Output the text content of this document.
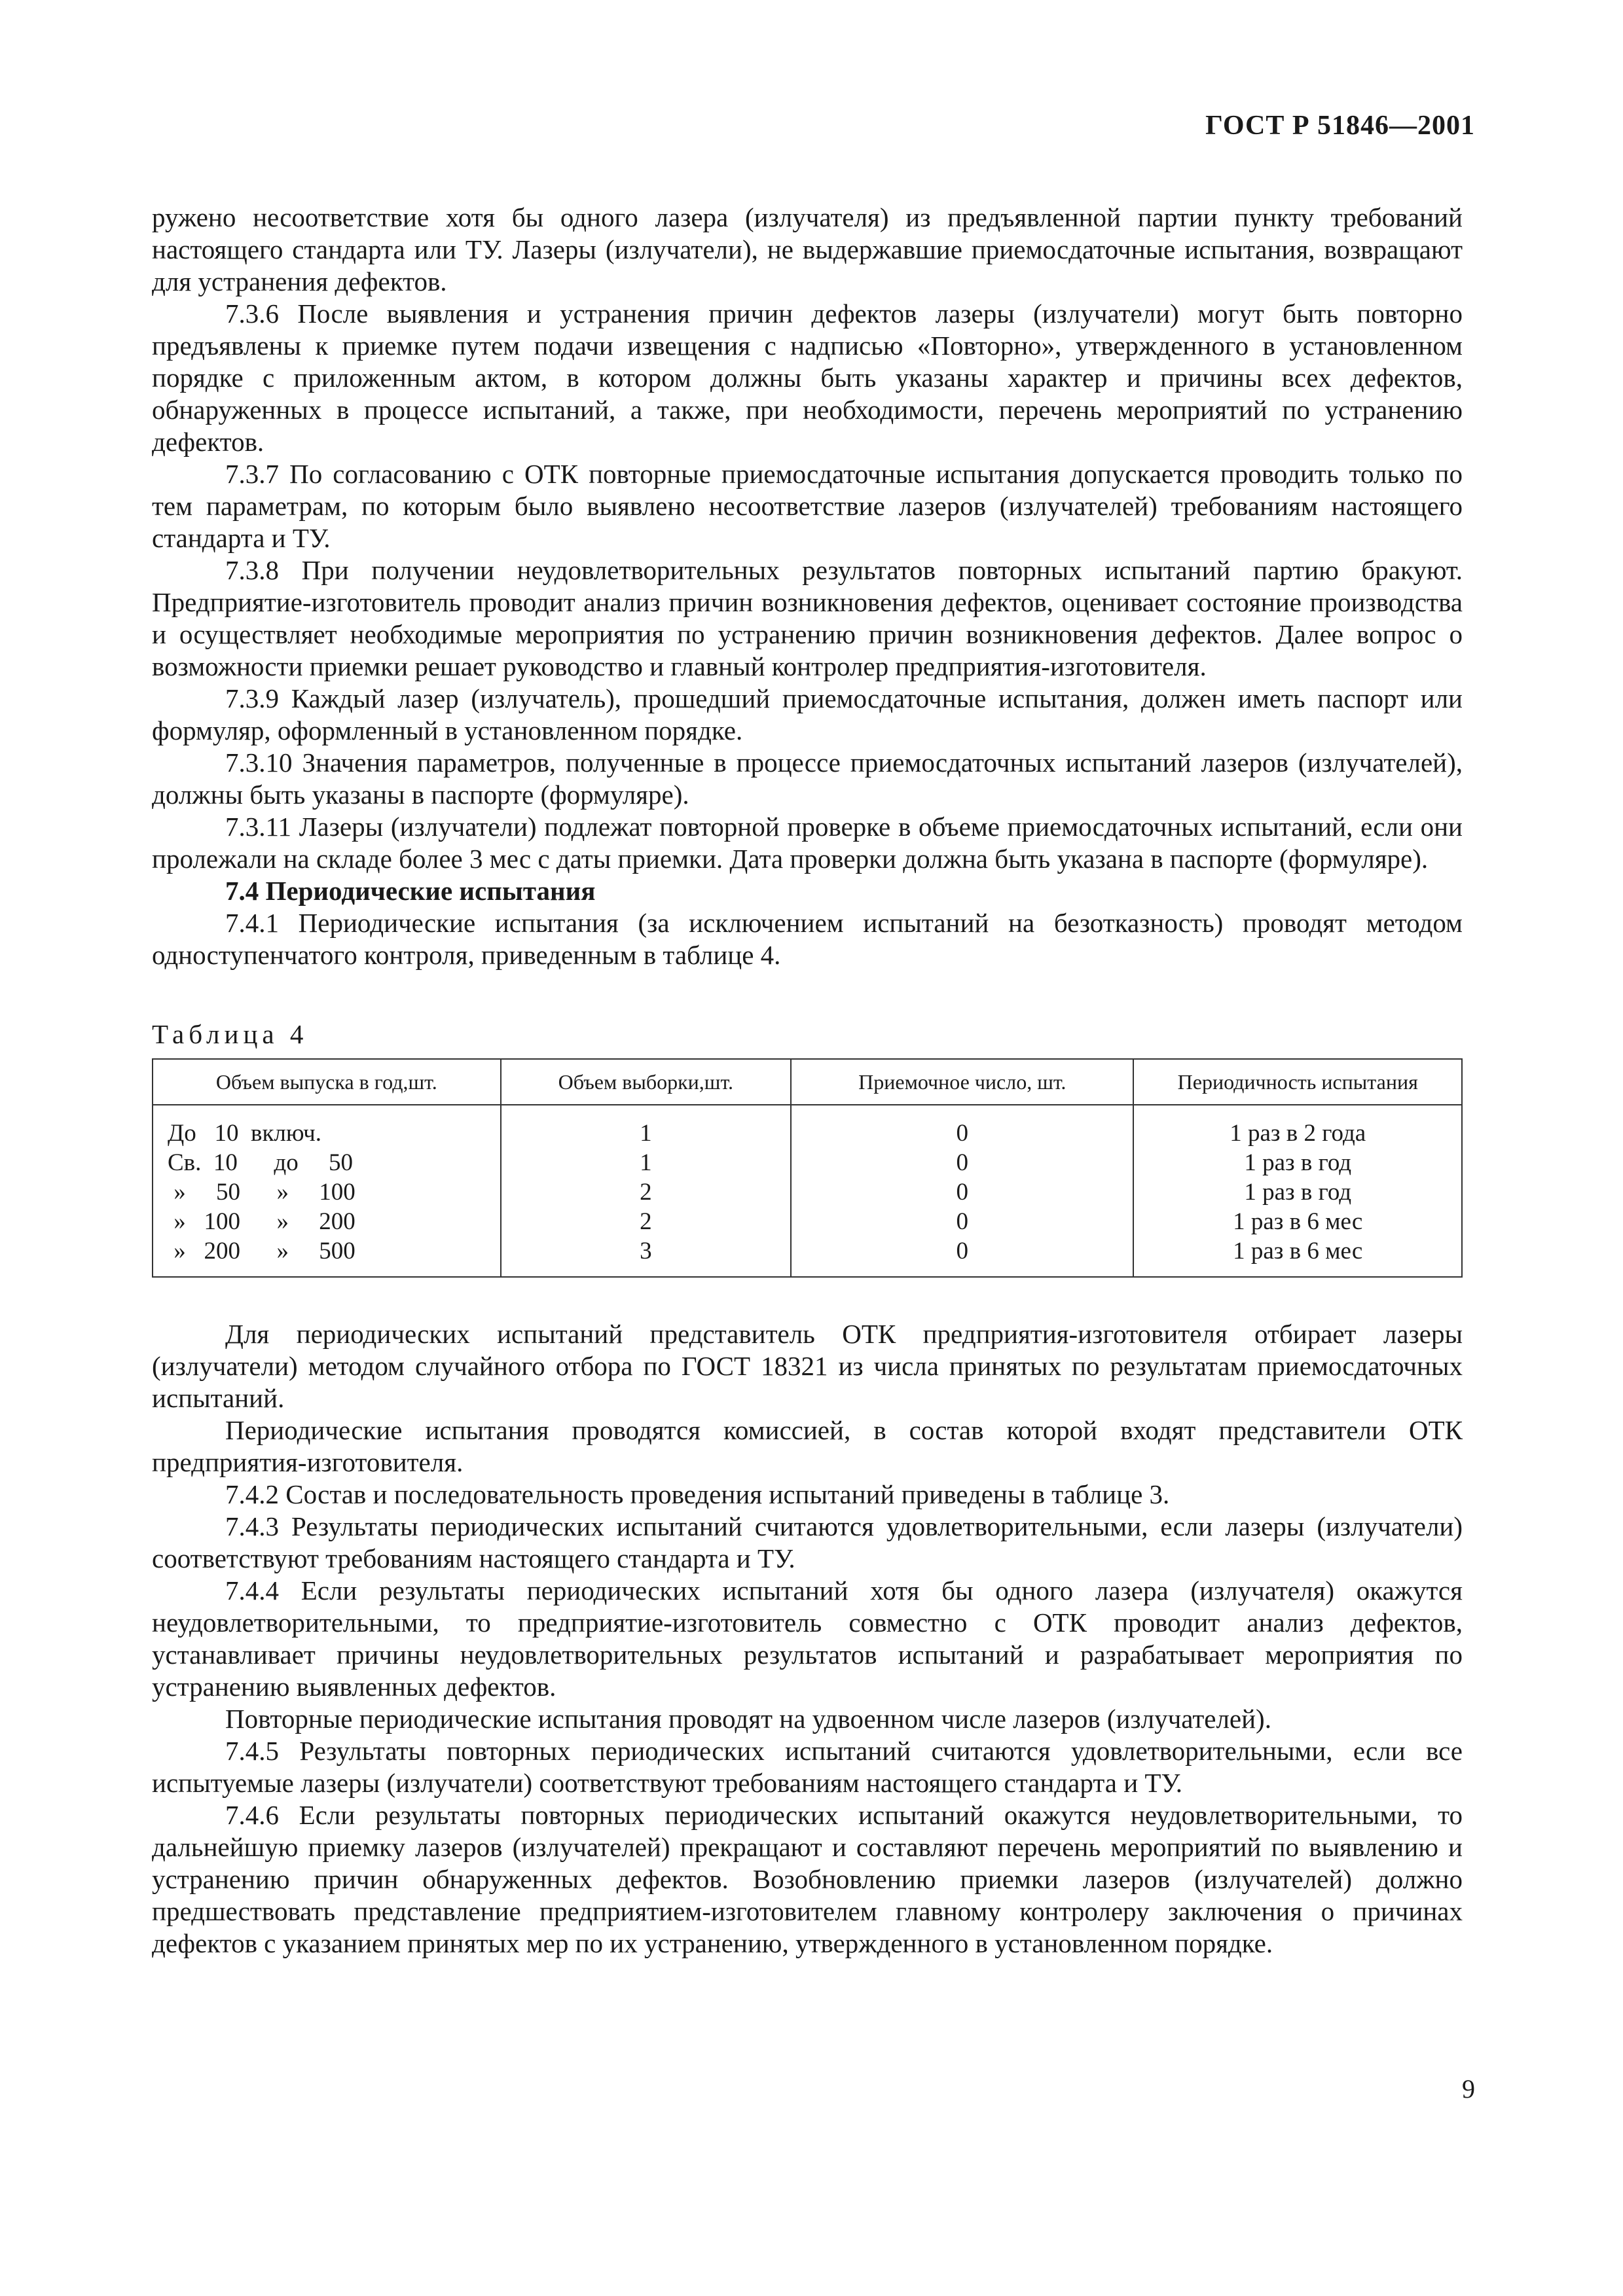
ГОСТ Р 51846—2001

ружено несоответствие хотя бы одного лазера (излучателя) из предъявленной партии пункту требований настоящего стандарта или ТУ. Лазеры (излучатели), не выдержавшие приемосдаточные испытания, возвращают для устранения дефектов.

7.3.6 После выявления и устранения причин дефектов лазеры (излучатели) могут быть повторно предъявлены к приемке путем подачи извещения с надписью «Повторно», утвержденного в установленном порядке с приложенным актом, в котором должны быть указаны характер и причины всех дефектов, обнаруженных в процессе испытаний, а также, при необходимости, перечень мероприятий по устранению дефектов.

7.3.7 По согласованию с ОТК повторные приемосдаточные испытания допускается проводить только по тем параметрам, по которым было выявлено несоответствие лазеров (излучателей) требованиям настоящего стандарта и ТУ.

7.3.8 При получении неудовлетворительных результатов повторных испытаний партию бракуют. Предприятие-изготовитель проводит анализ причин возникновения дефектов, оценивает состояние производства и осуществляет необходимые мероприятия по устранению причин возникновения дефектов. Далее вопрос о возможности приемки решает руководство и главный контролер предприятия-изготовителя.

7.3.9 Каждый лазер (излучатель), прошедший приемосдаточные испытания, должен иметь паспорт или формуляр, оформленный в установленном порядке.

7.3.10 Значения параметров, полученные в процессе приемосдаточных испытаний лазеров (излучателей), должны быть указаны в паспорте (формуляре).

7.3.11 Лазеры (излучатели) подлежат повторной проверке в объеме приемосдаточных испытаний, если они пролежали на складе более 3 мес с даты приемки. Дата проверки должна быть указана в паспорте (формуляре).

7.4 Периодические испытания

7.4.1 Периодические испытания (за исключением испытаний на безотказность) проводят методом одноступенчатого контроля, приведенным в таблице 4.

Таблица 4
Объем выпуска в год,шт.	Объем выборки,шт.	Приемочное число, шт.	Периодичность испытания
До   10  включ.	1	0	1 раз в 2 года
Св.  10      до     50	1	0	1 раз в год
»     50      »     100	2	0	1 раз в год
»   100      »     200	2	0	1 раз в 6 мес
»   200      »     500	3	0	1 раз в 6 мес

Для периодических испытаний представитель ОТК предприятия-изготовителя отбирает лазеры (излучатели) методом случайного отбора по ГОСТ 18321 из числа принятых по результатам приемосдаточных испытаний.

Периодические испытания проводятся комиссией, в состав которой входят представители ОТК предприятия-изготовителя.

7.4.2 Состав и последовательность проведения испытаний приведены в таблице 3.

7.4.3 Результаты периодических испытаний считаются удовлетворительными, если лазеры (излучатели) соответствуют требованиям настоящего стандарта и ТУ.

7.4.4 Если результаты периодических испытаний хотя бы одного лазера (излучателя) окажутся неудовлетворительными, то предприятие-изготовитель совместно с ОТК проводит анализ дефектов, устанавливает причины неудовлетворительных результатов испытаний и разрабатывает мероприятия по устранению выявленных дефектов.

Повторные периодические испытания проводят на удвоенном числе лазеров (излучателей).

7.4.5 Результаты повторных периодических испытаний считаются удовлетворительными, если все испытуемые лазеры (излучатели) соответствуют требованиям настоящего стандарта и ТУ.

7.4.6 Если результаты повторных периодических испытаний окажутся неудовлетворительными, то дальнейшую приемку лазеров (излучателей) прекращают и составляют перечень мероприятий по выявлению и устранению причин обнаруженных дефектов. Возобновлению приемки лазеров (излучателей) должно предшествовать представление предприятием-изготовителем главному контролеру заключения о причинах дефектов с указанием принятых мер по их устранению, утвержденного в установленном порядке.

9
